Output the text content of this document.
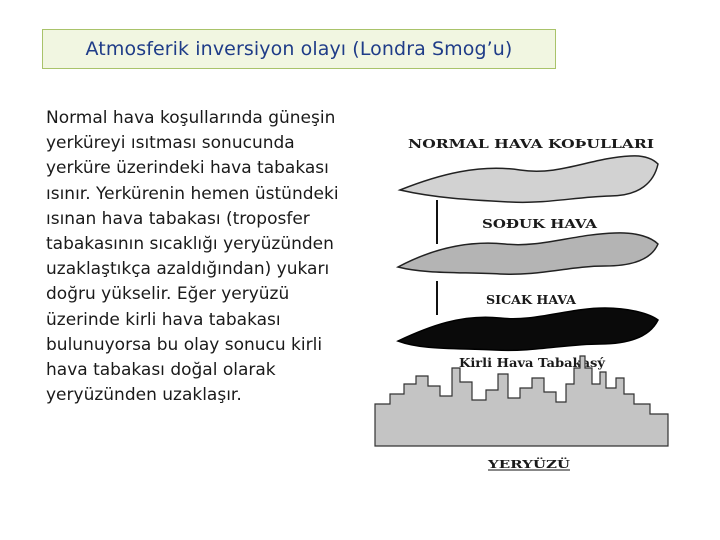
Atmosferik inversiyon olayı (Londra Smog’u)
Normal hava koşullarında güneşin
yerküreyi ısıtması sonucunda
yerküre üzerindeki hava tabakası
ısınır. Yerkürenin hemen üstündeki
ısınan hava tabakası (troposfer
tabakasının sıcaklığı yeryüzünden
uzaklaştıkça azaldığından) yukarı
doğru yükselir. Eğer yeryüzü
üzerinde kirli hava tabakası
bulunuyorsa bu olay sonucu kirli
hava tabakası doğal olarak
yeryüzünden uzaklaşır.
NORMAL HAVA KOÞULLARI
SOÐUK HAVA
SICAK HAVA
Kirli Hava Tabakasý
YERYÜZÜ
